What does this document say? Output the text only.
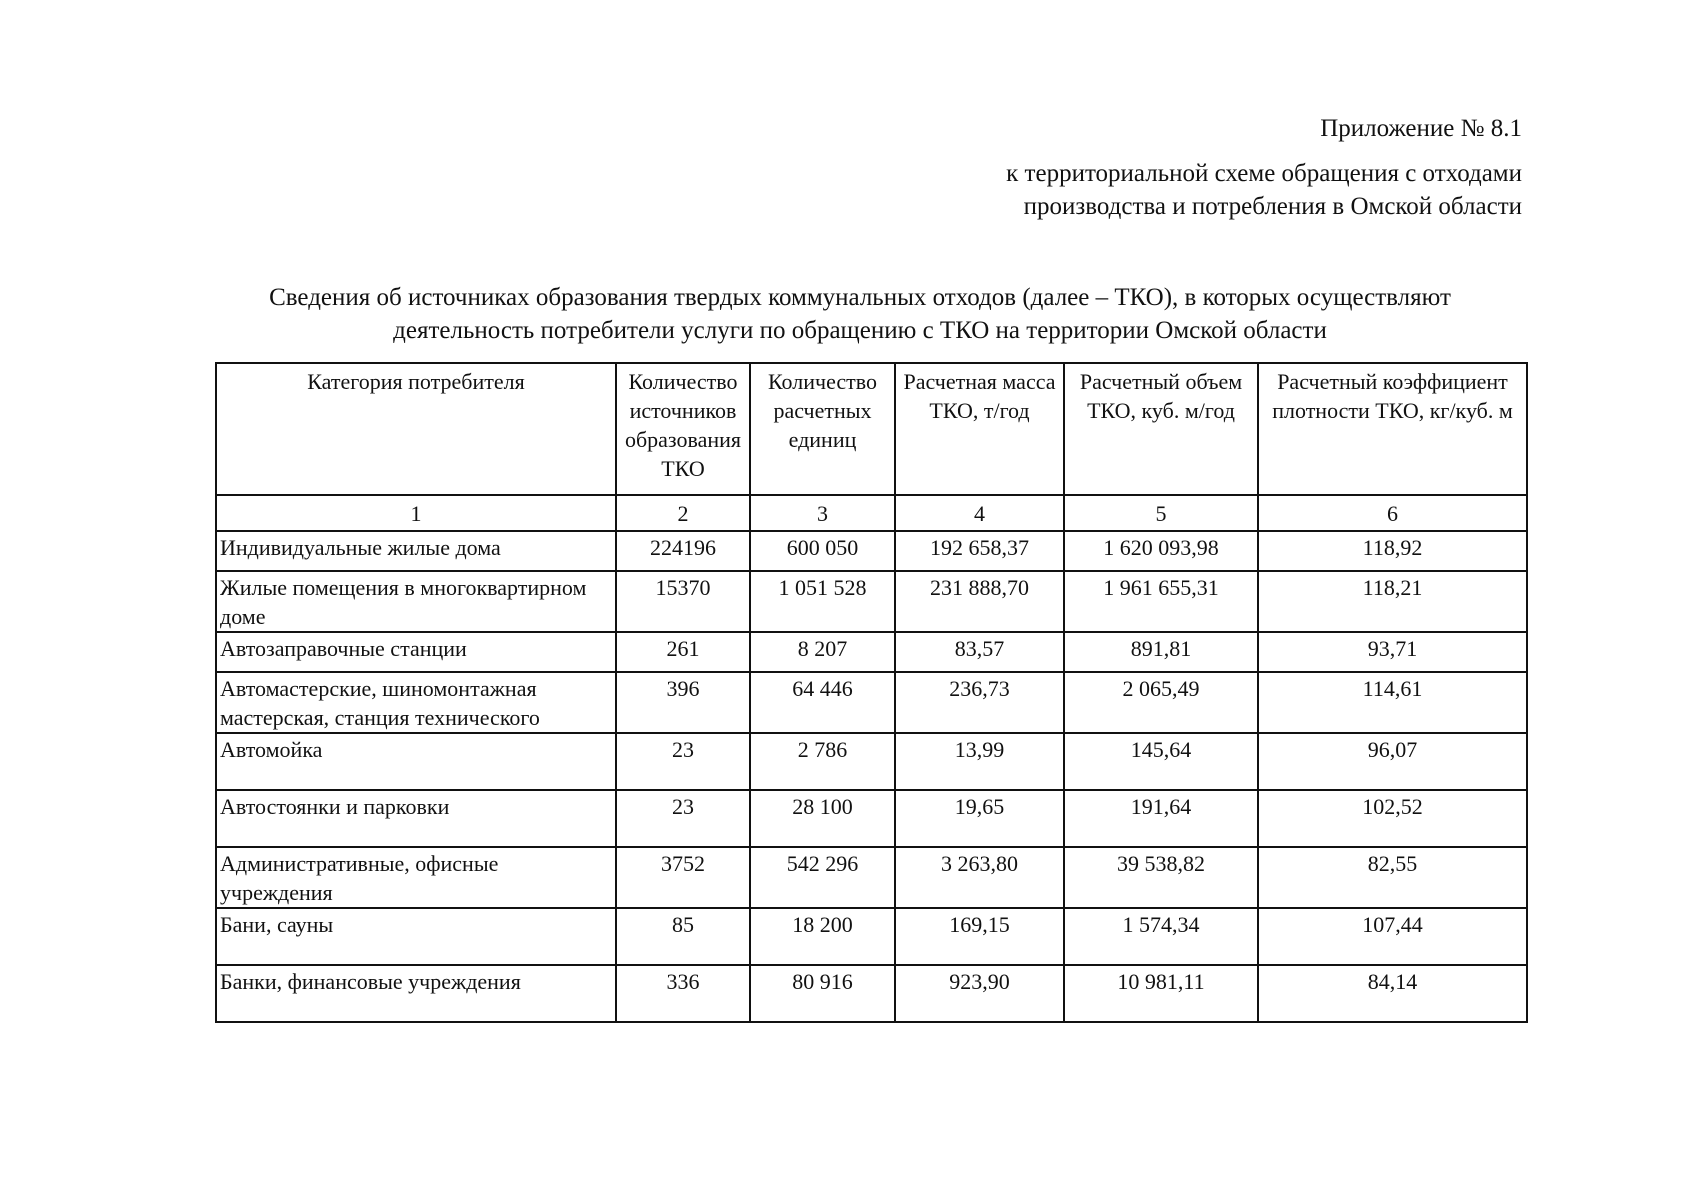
Приложение № 8.1
к территориальной схеме обращения с отходами
производства и потребления в Омской области
Сведения об источниках образования твердых коммунальных отходов (далее – ТКО), в которых осуществляют
деятельность потребители услуги по обращению с ТКО на территории Омской области
Категория потребителя	Количество источников образования ТКО	Количество расчетных единиц	Расчетная масса ТКО, т/год	Расчетный объем ТКО, куб. м/год	Расчетный коэффициент плотности ТКО, кг/куб. м
1	2	3	4	5	6
Индивидуальные жилые дома	224196	600 050	192 658,37	1 620 093,98	118,92
Жилые помещения в многоквартирном доме	15370	1 051 528	231 888,70	1 961 655,31	118,21
Автозаправочные станции	261	8 207	83,57	891,81	93,71
Автомастерские, шиномонтажная мастерская, станция технического	396	64 446	236,73	2 065,49	114,61
Автомойка	23	2 786	13,99	145,64	96,07
Автостоянки и парковки	23	28 100	19,65	191,64	102,52
Административные, офисные учреждения	3752	542 296	3 263,80	39 538,82	82,55
Бани, сауны	85	18 200	169,15	1 574,34	107,44
Банки, финансовые учреждения	336	80 916	923,90	10 981,11	84,14
